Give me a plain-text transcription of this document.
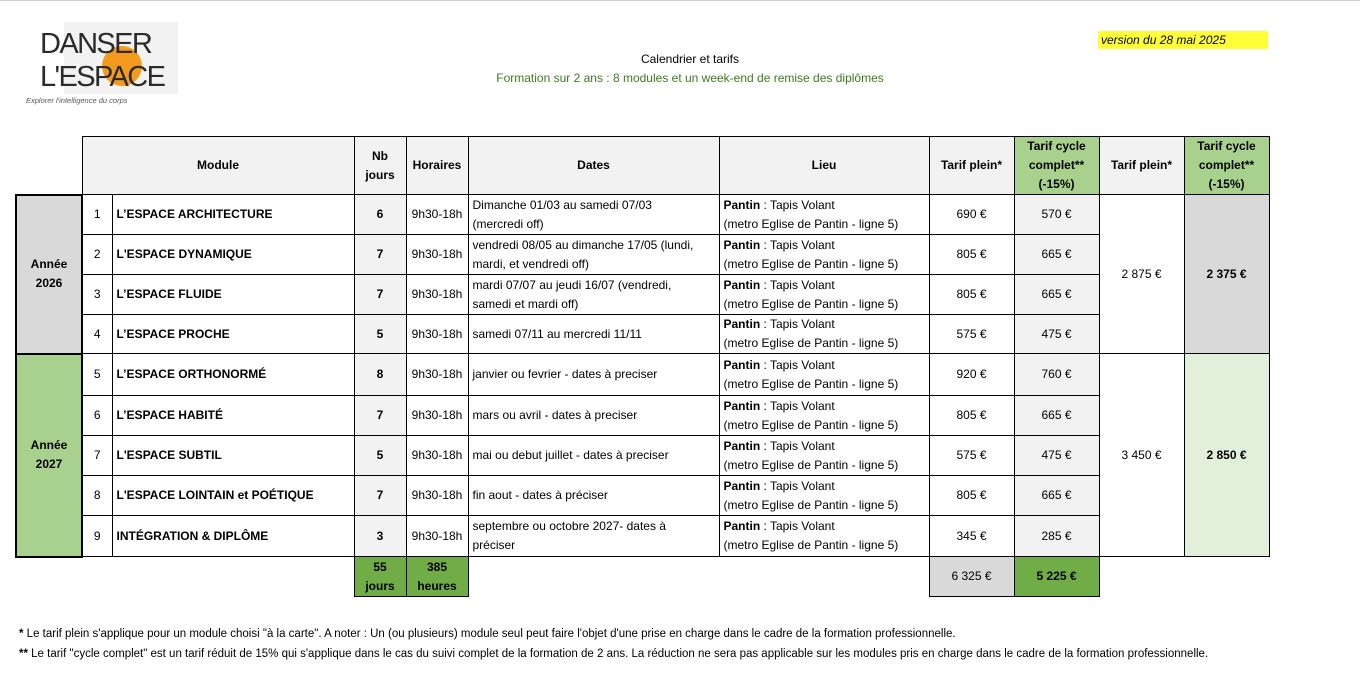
DANSER
L'ESPACE
Explorer l'intelligence du corps
Calendrier et tarifs
Formation sur 2 ans : 8 modules et un week-end de remise des diplômes
version du 28 mai 2025
	Module		Nb
jours	Horaires	Dates	Lieu	Tarif plein*	Tarif cycle
complet**
(-15%)	Tarif plein*	Tarif cycle
complet**
(-15%)
Année
2026	1	L’ESPACE ARCHITECTURE	6	9h30-18h	Dimanche 01/03 au samedi 07/03
(mercredi off)	Pantin : Tapis Volant
(metro Eglise de Pantin - ligne 5)	690 €	570 €	2 875 €	2 375 €
	2	L'ESPACE DYNAMIQUE	7	9h30-18h	vendredi 08/05 au dimanche 17/05 (lundi,
mardi, et vendredi off)	Pantin : Tapis Volant
(metro Eglise de Pantin - ligne 5)	805 €	665 €		
	3	L’ESPACE FLUIDE	7	9h30-18h	mardi 07/07 au jeudi 16/07 (vendredi,
samedi et mardi off)	Pantin : Tapis Volant
(metro Eglise de Pantin - ligne 5)	805 €	665 €		
	4	L’ESPACE PROCHE	5	9h30-18h	samedi 07/11 au mercredi 11/11	Pantin : Tapis Volant
(metro Eglise de Pantin - ligne 5)	575 €	475 €		
Année
2027	5	L’ESPACE ORTHONORMÉ	8	9h30-18h	janvier ou fevrier - dates à preciser	Pantin : Tapis Volant
(metro Eglise de Pantin - ligne 5)	920 €	760 €	3 450 €	2 850 €
	6	L’ESPACE HABITÉ	7	9h30-18h	mars ou avril - dates à preciser	Pantin : Tapis Volant
(metro Eglise de Pantin - ligne 5)	805 €	665 €		
	7	L'ESPACE SUBTIL	5	9h30-18h	mai ou debut juillet - dates à preciser	Pantin : Tapis Volant
(metro Eglise de Pantin - ligne 5)	575 €	475 €		
	8	L'ESPACE LOINTAIN et POÉTIQUE	7	9h30-18h	fin aout - dates à préciser	Pantin : Tapis Volant
(metro Eglise de Pantin - ligne 5)	805 €	665 €		
	9	INTÉGRATION & DIPLÔME	3	9h30-18h	septembre ou octobre 2027- dates à
préciser	Pantin : Tapis Volant
(metro Eglise de Pantin - ligne 5)	345 €	285 €		
			55
jours	385
heures			6 325 €	5 225 €		
* Le tarif plein s'applique pour un module choisi "à la carte". A noter : Un (ou plusieurs) module seul peut faire l'objet d'une prise en charge dans le cadre de la formation professionnelle.
** Le tarif "cycle complet" est un tarif réduit de 15% qui s'applique dans le cas du suivi complet de la formation de 2 ans. La réduction ne sera pas applicable sur les modules pris en charge dans le cadre de la formation professionnelle.
